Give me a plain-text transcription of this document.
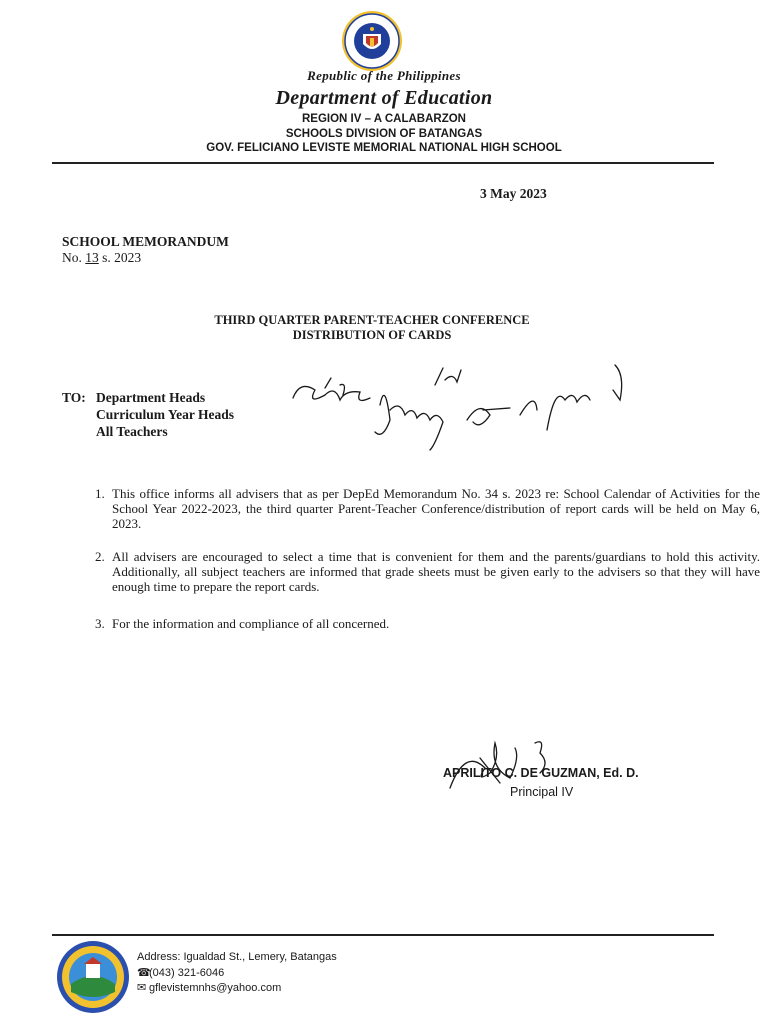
Republic of the Philippines
Department of Education
REGION IV – A CALABARZON
SCHOOLS DIVISION OF BATANGAS
GOV. FELICIANO LEVISTE MEMORIAL NATIONAL HIGH SCHOOL
3 May 2023
SCHOOL MEMORANDUM
No. 13 s. 2023
THIRD QUARTER PARENT-TEACHER CONFERENCE
DISTRIBUTION OF CARDS
TO: Department Heads
Curriculum Year Heads
All Teachers
1. This office informs all advisers that as per DepEd Memorandum No. 34 s. 2023 re: School Calendar of Activities for the School Year 2022-2023, the third quarter Parent-Teacher Conference/distribution of report cards will be held on May 6, 2023.
2. All advisers are encouraged to select a time that is convenient for them and the parents/guardians to hold this activity. Additionally, all subject teachers are informed that grade sheets must be given early to the advisers so that they will have enough time to prepare the report cards.
3. For the information and compliance of all concerned.
APRILITO C. DE GUZMAN, Ed. D.
Principal IV
Address: Igualdad St., Lemery, Batangas
☎(043) 321-6046
✉ gflevistemnhs@yahoo.com
